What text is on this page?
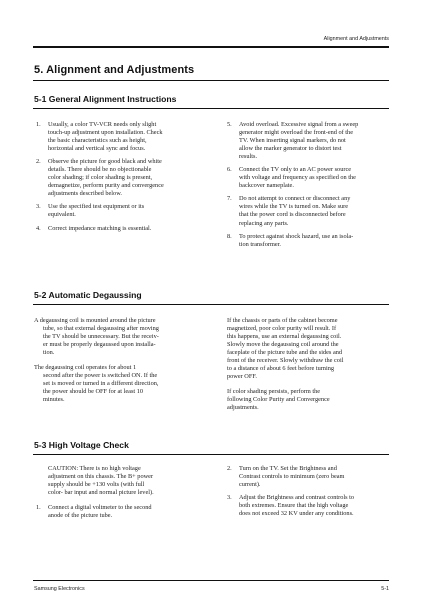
Alignment and Adjustments
5. Alignment and Adjustments
5-1 General Alignment Instructions
1. Usually, a color TV-VCR needs only slight
touch-up adjustment upon installation. Check
the basic characteristics such as height,
horizontal and vertical sync and focus.
2. Observe the picture for good black and white
details. There should be no objectionable
color shading; if color shading is present,
demagnetize, perform purity and convergence
adjustments described below.
3. Use the specified test equipment or its
equivalent.
4. Correct impedance matching is essential.
5. Avoid overload. Excessive signal from a sweep
generator might overload the front-end of the
TV. When inserting signal markers, do not
allow the marker generator to distort test
results.
6. Connect the TV only to an AC power source
with voltage and frequency as specified on the
backcover nameplate.
7. Do not attempt to connect or disconnect any
wires while the TV is turned on. Make sure
that the power cord is disconnected before
replacing any parts.
8. To protect against shock hazard, use an isola-
tion transformer.
5-2 Automatic Degaussing
A degaussing coil is mounted around the picture
tube, so that external degaussing after moving
the TV should be unnecessary. But the receiv-
er must be properly degaussed upon installa-
tion.
The degaussing coil operates for about 1
second after the power is switched ON. If the
set is moved or turned in a different direction,
the power should be OFF for at least 10
minutes.
If the chassis or parts of the cabinet become
magnetized, poor color purity will result. If
this happens, use an external degaussing coil.
Slowly move the degaussing coil around the
faceplate of the picture tube and the sides and
front of the receiver. Slowly withdraw the coil
to a distance of about 6 feet before turning
power OFF.
If color shading persists, perform the
following Color Purity and Convergence
adjustments.
5-3 High Voltage Check
CAUTION: There is no high voltage
adjustment on this chassis. The B+ power
supply should be +130 volts (with full
color- bar input and normal picture level).
1. Connect a digital voltmeter to the second
anode of the picture tube.
2. Turn on the TV. Set the Brightness and
Contrast controls to minimum (zero beam
current).
3. Adjust the Brightness and contrast controls to
both extremes. Ensure that the high voltage
does not exceed 32 KV under any conditions.
Samsung Electronics	5-1
